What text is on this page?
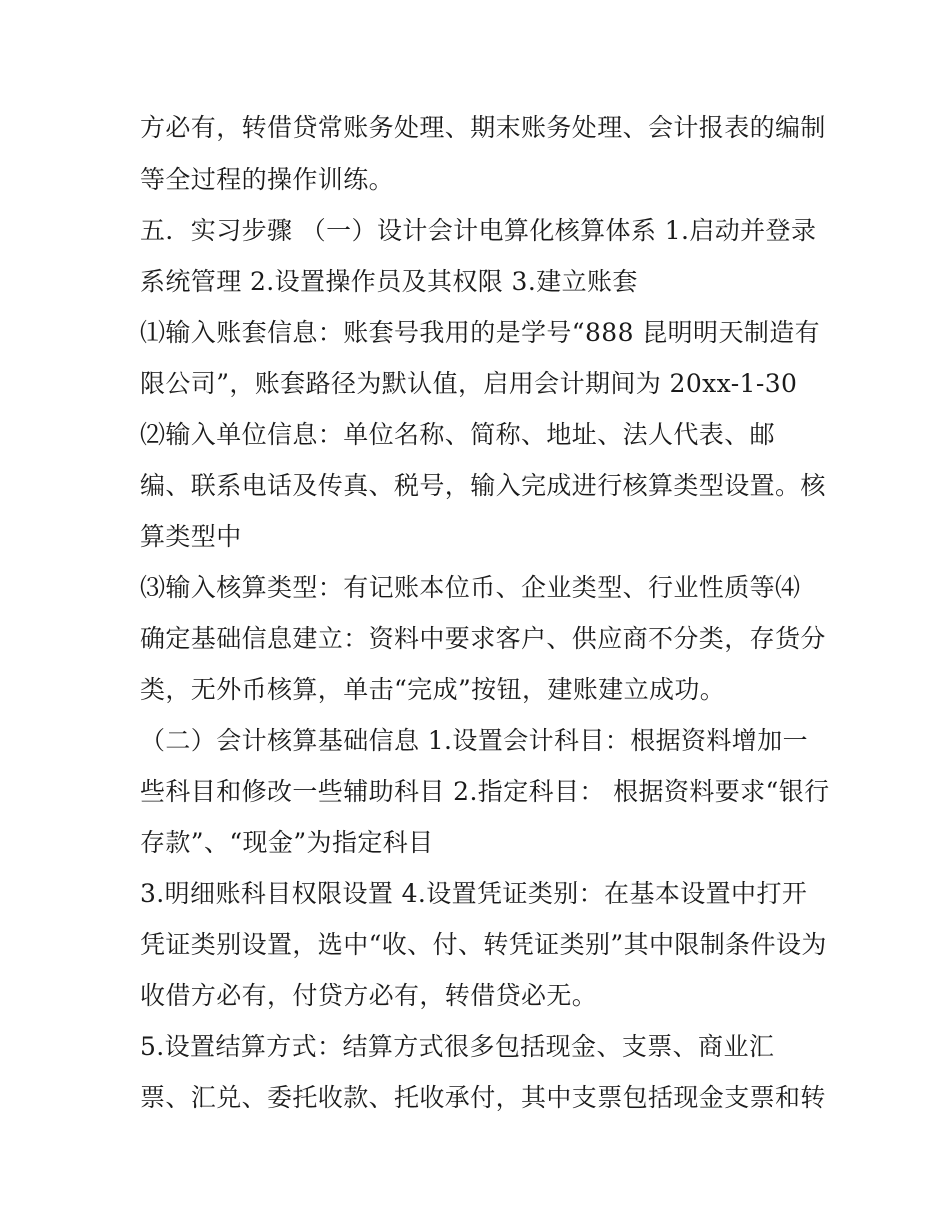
方必有，转借贷常账务处理、期末账务处理、会计报表的编制
等全过程的操作训练。
五．实习步骤 （一）设计会计电算化核算体系 1.启动并登录
系统管理 2.设置操作员及其权限 3.建立账套
⑴输入账套信息：账套号我用的是学号“888 昆明明天制造有
限公司”，账套路径为默认值，启用会计期间为 20xx-1-30
⑵输入单位信息：单位名称、简称、地址、法人代表、邮
编、联系电话及传真、税号，输入完成进行核算类型设置。核
算类型中
⑶输入核算类型：有记账本位币、企业类型、行业性质等⑷
确定基础信息建立：资料中要求客户、供应商不分类，存货分
类，无外币核算，单击“完成”按钮，建账建立成功。
（二）会计核算基础信息 1.设置会计科目：根据资料增加一
些科目和修改一些辅助科目 2.指定科目： 根据资料要求“银行
存款”、“现金”为指定科目
3.明细账科目权限设置 4.设置凭证类别：在基本设置中打开
凭证类别设置，选中“收、付、转凭证类别”其中限制条件设为
收借方必有，付贷方必有，转借贷必无。
5.设置结算方式：结算方式很多包括现金、支票、商业汇
票、汇兑、委托收款、托收承付，其中支票包括现金支票和转
